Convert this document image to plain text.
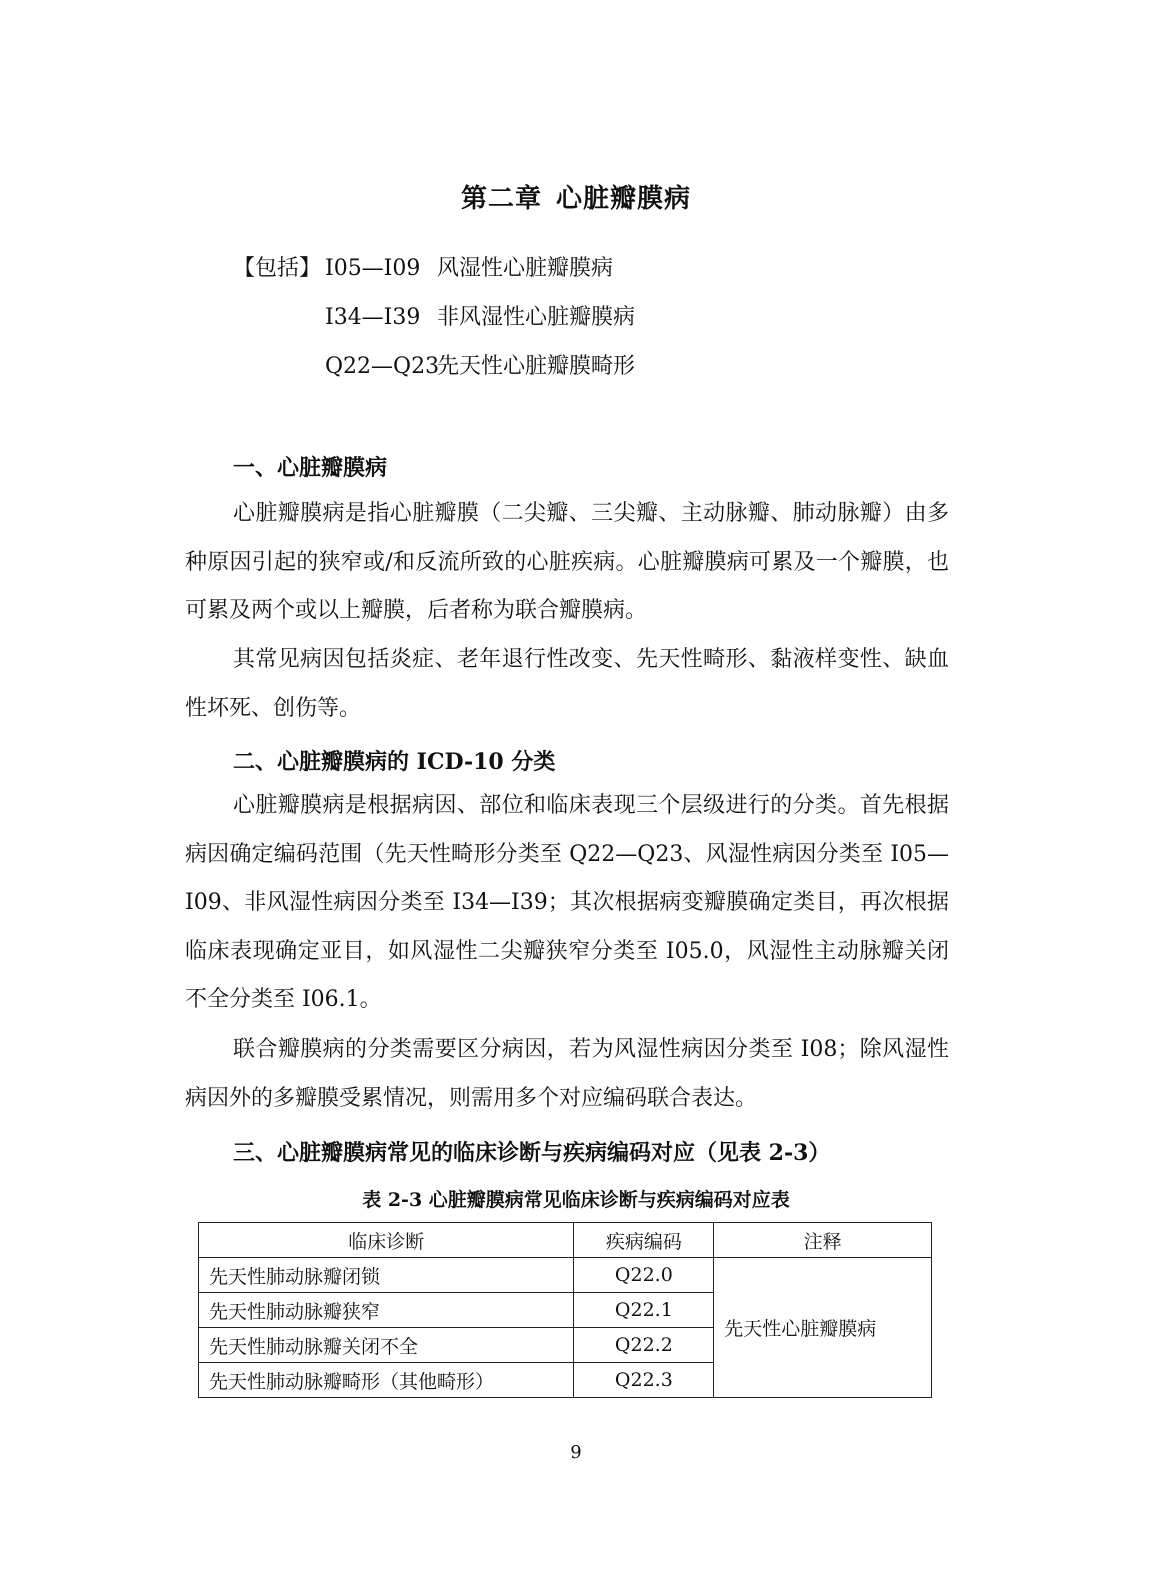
第二章 心脏瓣膜病
【包括】 I05—I09 风湿性心脏瓣膜病
I34—I39 非风湿性心脏瓣膜病
Q22—Q23先天性心脏瓣膜畸形
一、心脏瓣膜病

心脏瓣膜病是指心脏瓣膜（二尖瓣、三尖瓣、主动脉瓣、肺动脉瓣）由多种原因引起的狭窄或/和反流所致的心脏疾病。心脏瓣膜病可累及一个瓣膜，也可累及两个或以上瓣膜，后者称为联合瓣膜病。

其常见病因包括炎症、老年退行性改变、先天性畸形、黏液样变性、缺血性坏死、创伤等。

二、心脏瓣膜病的 ICD-10 分类

心脏瓣膜病是根据病因、部位和临床表现三个层级进行的分类。首先根据病因确定编码范围（先天性畸形分类至 Q22—Q23、风湿性病因分类至 I05—I09、非风湿性病因分类至 I34—I39；其次根据病变瓣膜确定类目，再次根据临床表现确定亚目，如风湿性二尖瓣狭窄分类至 I05.0，风湿性主动脉瓣关闭不全分类至 I06.1。

联合瓣膜病的分类需要区分病因，若为风湿性病因分类至 I08；除风湿性病因外的多瓣膜受累情况，则需用多个对应编码联合表达。

三、心脏瓣膜病常见的临床诊断与疾病编码对应（见表 2-3）
表 2-3 心脏瓣膜病常见临床诊断与疾病编码对应表
临床诊断	疾病编码	注释
先天性肺动脉瓣闭锁	Q22.0	先天性心脏瓣膜病
先天性肺动脉瓣狭窄	Q22.1	
先天性肺动脉瓣关闭不全	Q22.2	
先天性肺动脉瓣畸形（其他畸形）	Q22.3	
9
